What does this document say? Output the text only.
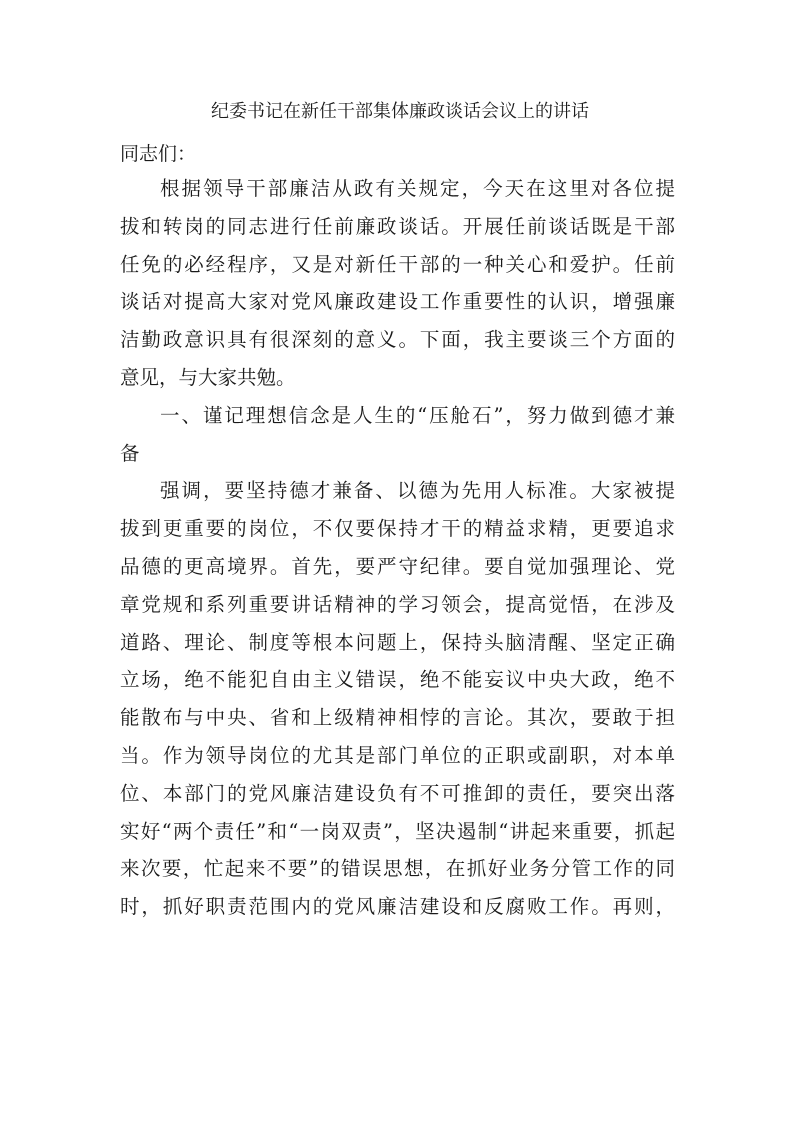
纪委书记在新任干部集体廉政谈话会议上的讲话
同志们：
根据领导干部廉洁从政有关规定，今天在这里对各位提
拔和转岗的同志进行任前廉政谈话。开展任前谈话既是干部
任免的必经程序，又是对新任干部的一种关心和爱护。任前
谈话对提高大家对党风廉政建设工作重要性的认识，增强廉
洁勤政意识具有很深刻的意义。下面，我主要谈三个方面的
意见，与大家共勉。
一、谨记理想信念是人生的“压舱石”，努力做到德才兼
备
强调，要坚持德才兼备、以德为先用人标准。大家被提
拔到更重要的岗位，不仅要保持才干的精益求精，更要追求
品德的更高境界。首先，要严守纪律。要自觉加强理论、党
章党规和系列重要讲话精神的学习领会，提高觉悟，在涉及
道路、理论、制度等根本问题上，保持头脑清醒、坚定正确
立场，绝不能犯自由主义错误，绝不能妄议中央大政，绝不
能散布与中央、省和上级精神相悖的言论。其次，要敢于担
当。作为领导岗位的尤其是部门单位的正职或副职，对本单
位、本部门的党风廉洁建设负有不可推卸的责任，要突出落
实好“两个责任”和“一岗双责”，坚决遏制“讲起来重要，抓起
来次要，忙起来不要”的错误思想，在抓好业务分管工作的同
时，抓好职责范围内的党风廉洁建设和反腐败工作。再则，
